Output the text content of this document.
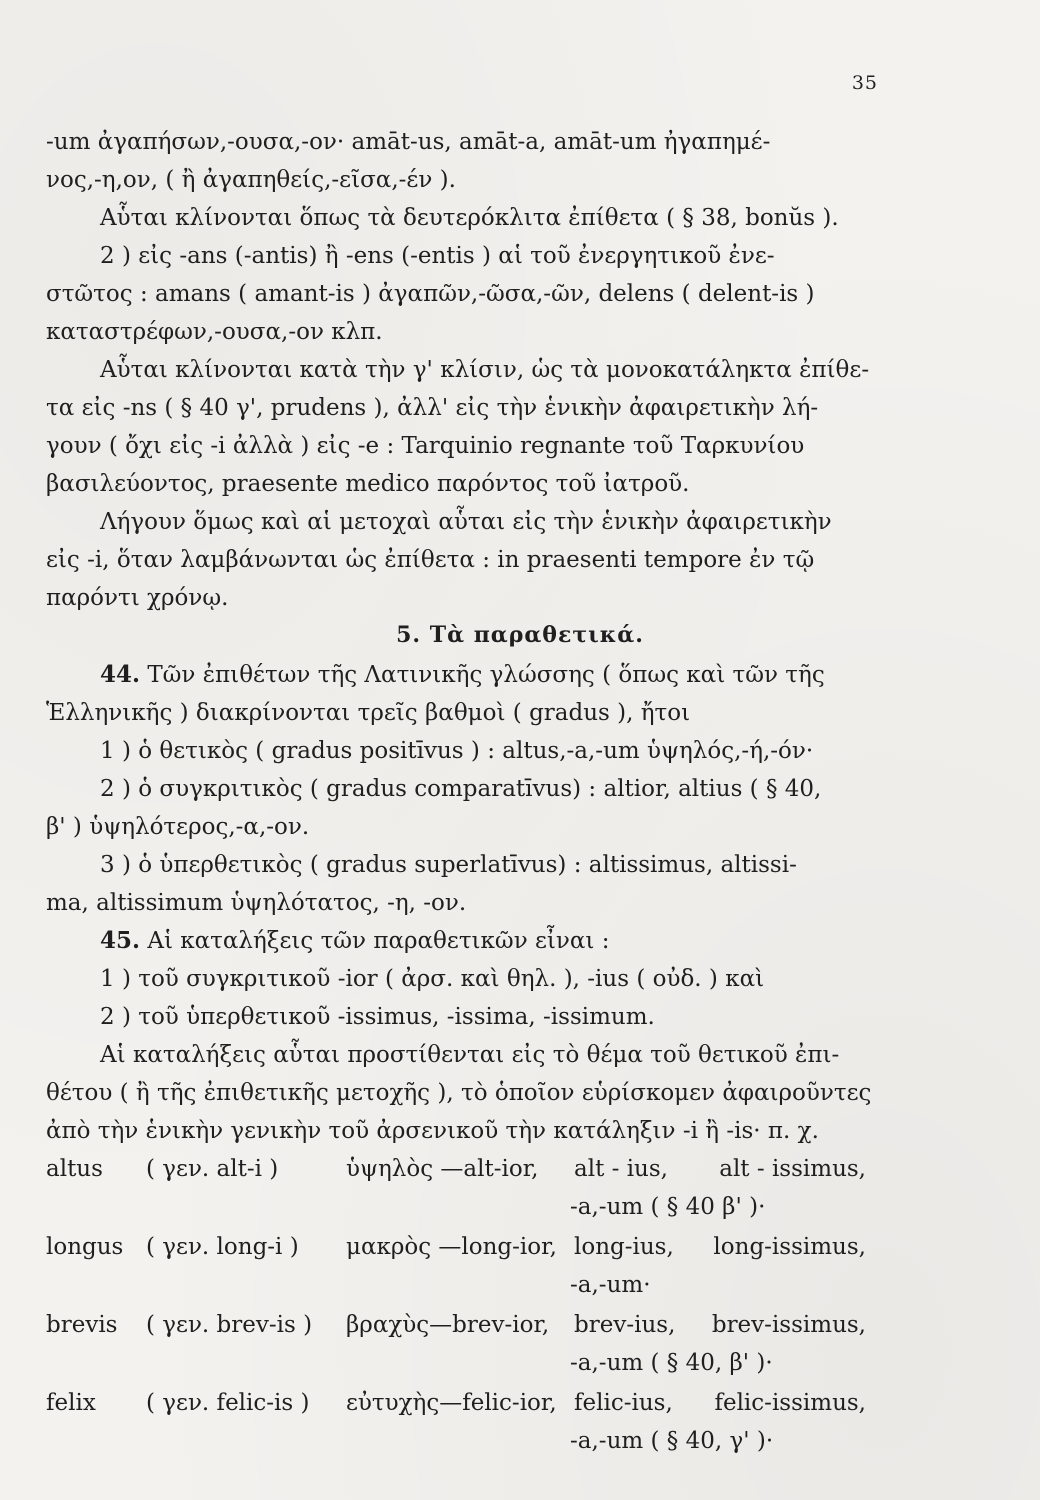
35
-um ἀγαπήσων,-ουσα,-ον· amāt-us, amāt-a, amāt-um ἠγαπημέ-
νος,-η,ον, ( ἢ ἀγαπηθείς,-εῖσα,-έν ).
Αὗται κλίνονται ὅπως τὰ δευτερόκλιτα ἐπίθετα ( § 38, bonŭs ).
2 ) εἰς -ans (-antis) ἢ -ens (-entis ) αἱ τοῦ ἐνεργητικοῦ ἐνε-
στῶτος : amans ( amant-is ) ἀγαπῶν,-ῶσα,-ῶν, delens ( delent-is )
καταστρέφων,-ουσα,-ον κλπ.
Αὗται κλίνονται κατὰ τὴν γ' κλίσιν, ὡς τὰ μονοκατάληκτα ἐπίθε-
τα εἰς -ns ( § 40 γ', prudens ), ἀλλ' εἰς τὴν ἑνικὴν ἀφαιρετικὴν λή-
γουν ( ὄχι εἰς -i ἀλλὰ ) εἰς -e : Tarquinio regnante τοῦ Ταρκυνίου
βασιλεύοντος, praesente medico παρόντος τοῦ ἰατροῦ.
Λήγουν ὅμως καὶ αἱ μετοχαὶ αὗται εἰς τὴν ἑνικὴν ἀφαιρετικὴν
εἰς -i, ὅταν λαμβάνωνται ὡς ἐπίθετα : in praesenti tempore ἐν τῷ
παρόντι χρόνῳ.
5. Τὰ παραθετικά.
44. Τῶν ἐπιθέτων τῆς Λατινικῆς γλώσσης ( ὅπως καὶ τῶν τῆς
Ἑλληνικῆς ) διακρίνονται τρεῖς βαθμοὶ ( gradus ), ἤτοι
1 ) ὁ θετικὸς ( gradus positīvus ) : altus,-a,-um ὑψηλός,-ή,-όν·
2 ) ὁ συγκριτικὸς ( gradus comparatīvus) : altior, altius ( § 40,
β' ) ὑψηλότερος,-α,-ον.
3 ) ὁ ὑπερθετικὸς ( gradus superlatīvus) : altissimus, altissi-
ma, altissimum ὑψηλότατος, -η, -ον.
45. Αἱ καταλήξεις τῶν παραθετικῶν εἶναι :
1 ) τοῦ συγκριτικοῦ -ior ( ἀρσ. καὶ θηλ. ), -ius ( οὐδ. ) καὶ
2 ) τοῦ ὑπερθετικοῦ -issimus, -issima, -issimum.
Αἱ καταλήξεις αὗται προστίθενται εἰς τὸ θέμα τοῦ θετικοῦ ἐπι-
θέτου ( ἢ τῆς ἐπιθετικῆς μετοχῆς ), τὸ ὁποῖον εὑρίσκομεν ἀφαιροῦντες
ἀπὸ τὴν ἑνικὴν γενικὴν τοῦ ἀρσενικοῦ τὴν κατάληξιν -i ἢ -is· π. χ.
altus ( γεν. alt-i )	ὑψηλὸς —alt-ior, alt - ius, alt - issimus,
-a,-um ( § 40 β' )·
longus ( γεν. long-i ) μακρὸς —long-ior, long-ius, long-issimus,
-a,-um·
brevis ( γεν. brev-is ) βραχὺς—brev-ior, brev-ius, brev-issimus,
-a,-um ( § 40, β' )·
felix ( γεν. felic-is ) εὐτυχὴς—felic-ior, felic-ius, felic-issimus,
-a,-um ( § 40, γ' )·
